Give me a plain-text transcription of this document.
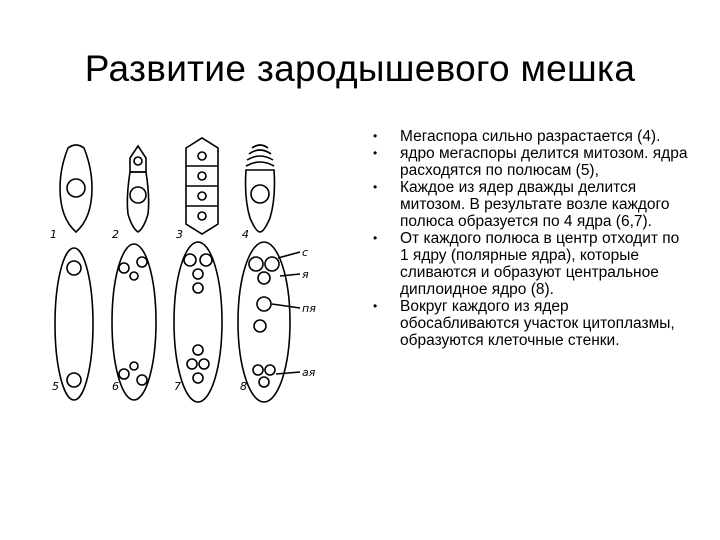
Развитие зародышевого мешка
1	2	3	4
с
я
пя
ая
5	6	7	8
• Мегаспора сильно разрастается (4).
• ядро мегаспоры делится митозом. ядра расходятся по полюсам (5),
• Каждое из ядер дважды делится митозом. В результате возле каждого полюса образуется по 4 ядра (6,7).
• От каждого полюса в центр отходит по 1 ядру (полярные ядра), которые сливаются и образуют центральное диплоидное ядро (8).
• Вокруг каждого из ядер обосабливаются участок цитоплазмы, образуются клеточные стенки.
